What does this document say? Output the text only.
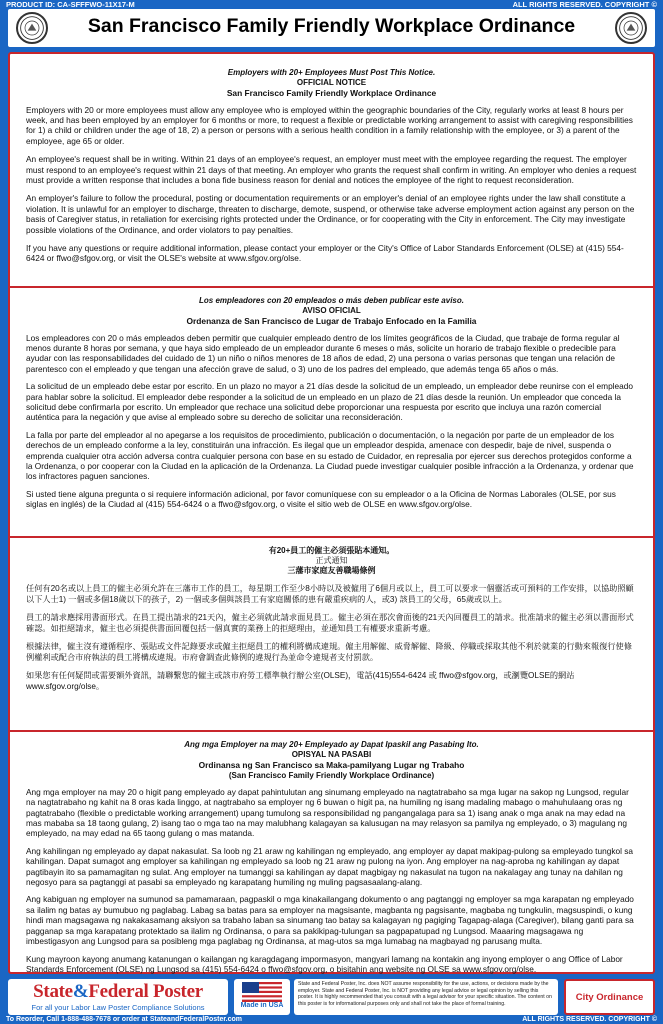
PRODUCT ID: CA-SFFFWO-11X17-M	ALL RIGHTS RESERVED. COPYRIGHT ©
San Francisco Family Friendly Workplace Ordinance
Employers with 20+ Employees Must Post This Notice.
OFFICIAL NOTICE
San Francisco Family Friendly Workplace Ordinance

Employers with 20 or more employees must allow any employee who is employed within the geographic boundaries of the City, regularly works at least 8 hours per week, and has been employed by an employer for 6 months or more, to request a flexible or predictable working arrangement to assist with caregiving responsibilities for 1) a child or children under the age of 18, 2) a person or persons with a serious health condition in a family relationship with the employee, or 3) a parent of the employee, age 65 or older.

An employee's request shall be in writing. Within 21 days of an employee's request, an employer must meet with the employee regarding the request. The employer must respond to an employee's request within 21 days of that meeting. An employer who grants the request shall confirm in writing. An employer who denies a request must provide a written response that includes a bona fide business reason for denial and notices the employee of the right to request reconsideration.

An employer's failure to follow the procedural, posting or documentation requirements or an employer's denial of an employee rights under the law shall constitute a violation. It is unlawful for an employer to discharge, threaten to discharge, demote, suspend, or otherwise take adverse employment action against any person on the basis of Caregiver status, in retaliation for exercising rights protected under the Ordinance, or for cooperating with the City in enforcement. The City may investigate possible violations of the Ordinance, and order violators to pay penalties.

If you have any questions or require additional information, please contact your employer or the City's Office of Labor Standards Enforcement (OLSE) at (415) 554-6424 or ffwo@sfgov.org, or visit the OLSE's website at www.sfgov.org/olse.

Los empleadores con 20 empleados o más deben publicar este aviso.
AVISO OFICIAL
Ordenanza de San Francisco de Lugar de Trabajo Enfocado en la Familia

Los empleadores con 20 o más empleados deben permitir que cualquier empleado dentro de los límites geográficos de la Ciudad, que trabaje de forma regular al menos durante 8 horas por semana, y que haya sido empleado de un empleador durante 6 meses o más, solicite un horario de trabajo flexible o predecible para ayudar con las responsabilidades del cuidado de 1) un niño o niños menores de 18 años de edad, 2) una persona o varias personas que tengan una relación de parentesco con el empleado y que tengan una afección grave de salud, o 3) uno de los padres del empleado, que además tenga 65 años o más.

La solicitud de un empleado debe estar por escrito. En un plazo no mayor a 21 días desde la solicitud de un empleado, un empleador debe reunirse con el empleado para hablar sobre la solicitud. El empleador debe responder a la solicitud de un empleado en un plazo de 21 días desde la reunión. Un empleador que conceda la solicitud debe confirmarla por escrito. Un empleador que rechace una solicitud debe proporcionar una respuesta por escrito que incluya una razón comercial auténtica para la negación y que avise al empleado sobre su derecho de solicitar una reconsideración.

La falla por parte del empleador al no apegarse a los requisitos de procedimiento, publicación o documentación, o la negación por parte de un empleador de los derechos de un empleado conforme a la ley, constituirán una infracción. Es ilegal que un empleador despida, amenace con despedir, baje de nivel, suspenda o emprenda cualquier otra acción adversa contra cualquier persona con base en su estado de Cuidador, en represalia por ejercer sus derechos protegidos conforme a la Ordenanza, o por cooperar con la Ciudad en la aplicación de la Ordenanza. La Ciudad puede investigar cualquier posible infracción a la Ordenanza, y ordenar que los infractores paguen sanciones.

Si usted tiene alguna pregunta o si requiere información adicional, por favor comuníquese con su empleador o a la Oficina de Normas Laborales (OLSE, por sus siglas en inglés) de la Ciudad al (415) 554-6424 o a ffwo@sfgov.org, o visite el sitio web de OLSE en www.sfgov.org/olse.

有20+員工的僱主必須張貼本通知。
正式通知
三藩市家庭友善職場條例

任何有20名或以上員工的僱主必須允許在三藩市工作的員工，每星期工作至少8小時以及被僱用了6個月或以上，員工可以要求一個靈活或可預料的工作安排，以協助照顧以下人士1) 一個或多個18歲以下的孩子，2) 一個或多個與該員工有家庭關係的患有嚴重疾病的人，或3) 該員工的父母，65歲或以上。

員工的請求應採用書面形式。在員工提出請求的21天內，僱主必須就此請求面見員工。僱主必須在那次會面後的21天內回覆員工的請求。批准請求的僱主必須以書面形式確認。如拒絕請求，僱主也必須提供書面回覆包括一個真實的業務上的拒絕理由，並通知員工有權要求重新考慮。

根據法律，僱主沒有遵循程序、張貼或文件記錄要求或僱主拒絕員工的權利將構成違規。僱主用解僱、威脅解僱、降級、停職或採取其他不利於就業的行動來報復行使條例權利或配合市府執法的員工將構成違規。市府會調查此條例的違規行為並命令違規者支付罰款。

如果您有任何疑問或需要額外資訊，請聯繫您的僱主或該市府勞工標準執行辦公室(OLSE)，電話(415)554-6424 或 ffwo@sfgov.org，或瀏覽OLSE的網站 www.sfgov.org/olse。

Ang mga Employer na may 20+ Empleyado ay Dapat Ipaskil ang Pasabing Ito.
OPISYAL NA PASABI
Ordinansa ng San Francisco sa Maka-pamilyang Lugar ng Trabaho
(San Francisco Family Friendly Workplace Ordinance)

Ang mga employer na may 20 o higit pang empleyado ay dapat pahintulutan ang sinumang empleyado na nagtatrabaho sa mga lugar na sakop ng Lungsod, regular na nagtatrabaho ng kahit na 8 oras kada linggo, at nagtrabaho sa employer ng 6 buwan o higit pa, na humiling ng isang madaling mabago o mahuhulaang oras ng pagtatrabaho (flexible o predictable working arrangement) upang tumulong sa responsibilidad ng pangangalaga para sa 1) isang anak o mga anak na may edad na mas mababa sa 18 taong gulang, 2) isang tao o mga tao na may malubhang kalagayan sa kalusugan na may relasyon sa pamilya ng empleyado, o 3) magulang ng empleyado, na may edad na 65 taong gulang o mas matanda.

Ang kahilingan ng empleyado ay dapat nakasulat. Sa loob ng 21 araw ng kahilingan ng empleyado, ang employer ay dapat makipag-pulong sa empleyado tungkol sa kahilingan. Dapat sumagot ang employer sa kahilingan ng empleyado sa loob ng 21 araw ng pulong na iyon. Ang employer na nag-aproba ng kahilingan ay dapat pagtibayin ito sa pamamagitan ng sulat. Ang employer na tumanggi sa kahilingan ay dapat magbigay ng nakasulat na tugon na nakalagay ang tunay na dahilan ng negosyo para sa pagtanggi at pasabi sa empleyado ng karapatang humiling ng muling pagsasaalang-alang.

Ang kabiguan ng employer na sumunod sa pamamaraan, pagpaskil o mga kinakailangang dokumento o ang pagtanggi ng employer sa mga karapatan ng empleyado sa ilalim ng batas ay bumubuo ng paglabag. Labag sa batas para sa employer na magsisante, magbanta ng pagsisante, magbaba ng tungkulin, magsuspindi, o kung hindi man magsagawa ng nakakasamang aksiyon sa trabaho laban sa sinumang tao batay sa kalagayan ng pagiging Tagapag-alaga (Caregiver), bilang ganti para sa pagganap sa mga karapatang protektado sa ilalim ng Ordinansa, o para sa pakikipag-tulungan sa pagpapatupad ng Lungsod. Maaaring magsagawa ng imbestigasyon ang Lungsod para sa posibleng mga paglabag ng Ordinansa, at mag-utos sa mga lumabag na magbayad ng parusang multa.

Kung mayroon kayong anumang katanungan o kailangan ng karagdagang impormasyon, mangyari lamang na kontakin ang inyong employer o ang Office of Labor Standards Enforcement (OLSE) ng Lungsod sa (415) 554-6424 o ffwo@sfgov.org, o bisitahin ang website ng OLSE sa www.sfgov.org/olse.

State&Federal Poster
For all your Labor Law Poster Compliance Solutions	Made in USA
State and Federal Poster, Inc. does NOT assume responsibility for the use, actions, or decisions made by the employer. State and Federal Poster, Inc. is NOT providing any legal advice or legal opinion by selling this poster. It is highly recommended that you consult with a legal advisor for your specific situation. The content on this poster is for informational purposes only and shall not take the place of formal training.
City Ordinance
To Reorder, Call 1-888-488-7678 or order at StateandFederalPoster.com	ALL RIGHTS RESERVED. COPYRIGHT ©
